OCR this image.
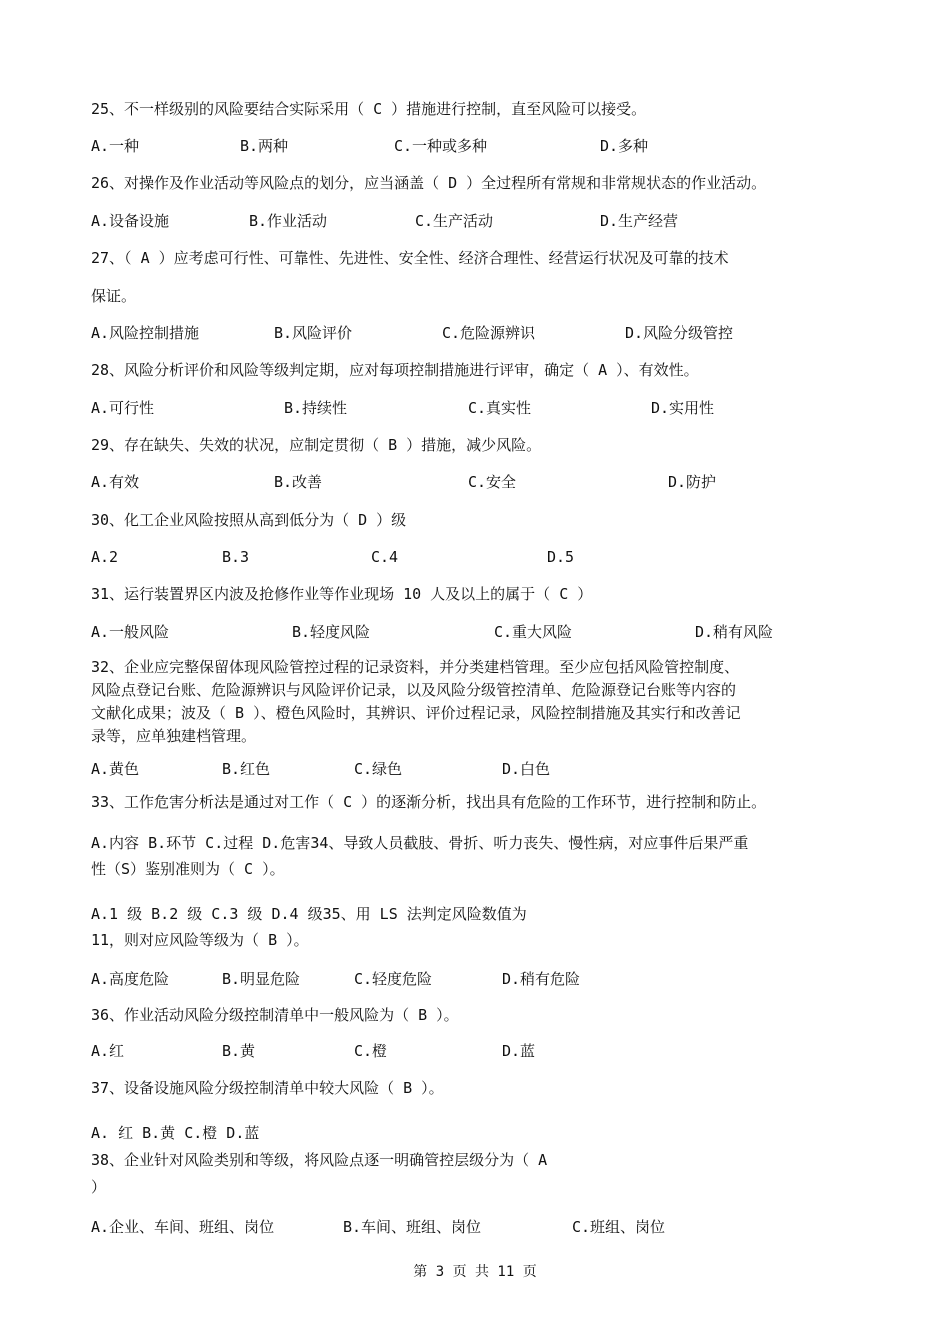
25、不一样级别的风险要结合实际采用（ C ）措施进行控制，直至风险可以接受。
A.一种	B.两种	C.一种或多种	D.多种
26、对操作及作业活动等风险点的划分，应当涵盖（ D ）全过程所有常规和非常规状态的作业活动。
A.设备设施	B.作业活动	C.生产活动	D.生产经营
27、（ A ）应考虑可行性、可靠性、先进性、安全性、经济合理性、经营运行状况及可靠的技术
保证。
A.风险控制措施	B.风险评价	C.危险源辨识	D.风险分级管控
28、风险分析评价和风险等级判定期，应对每项控制措施进行评审，确定（ A ）、有效性。
A.可行性	B.持续性	C.真实性	D.实用性
29、存在缺失、失效的状况，应制定贯彻（ B ）措施，减少风险。
A.有效	B.改善	C.安全	D.防护
30、化工企业风险按照从高到低分为（ D ）级
A.2	B.3	C.4	D.5
31、运行装置界区内波及抢修作业等作业现场 10 人及以上的属于（ C ）
A.一般风险	B.轻度风险	C.重大风险	D.稍有风险
32、企业应完整保留体现风险管控过程的记录资料，并分类建档管理。至少应包括风险管控制度、
风险点登记台账、危险源辨识与风险评价记录，以及风险分级管控清单、危险源登记台账等内容的
文献化成果；波及（ B ）、橙色风险时，其辨识、评价过程记录，风险控制措施及其实行和改善记
录等，应单独建档管理。
A.黄色	B.红色	C.绿色	D.白色
33、工作危害分析法是通过对工作（ C ）的逐渐分析，找出具有危险的工作环节，进行控制和防止。
A.内容 B.环节 C.过程 D.危害34、导致人员截肢、骨折、听力丧失、慢性病，对应事件后果严重
性（S）鉴别准则为（ C ）。
A.1 级 B.2 级 C.3 级 D.4 级35、用 LS 法判定风险数值为
11，则对应风险等级为（ B ）。
A.高度危险	B.明显危险	C.轻度危险	D.稍有危险
36、作业活动风险分级控制清单中一般风险为（ B ）。
A.红	B.黄	C.橙	D.蓝
37、设备设施风险分级控制清单中较大风险（ B ）。
A. 红 B.黄 C.橙 D.蓝
38、企业针对风险类别和等级，将风险点逐一明确管控层级分为（ A
）
A.企业、车间、班组、岗位	B.车间、班组、岗位	C.班组、岗位
第 3 页 共 11 页
